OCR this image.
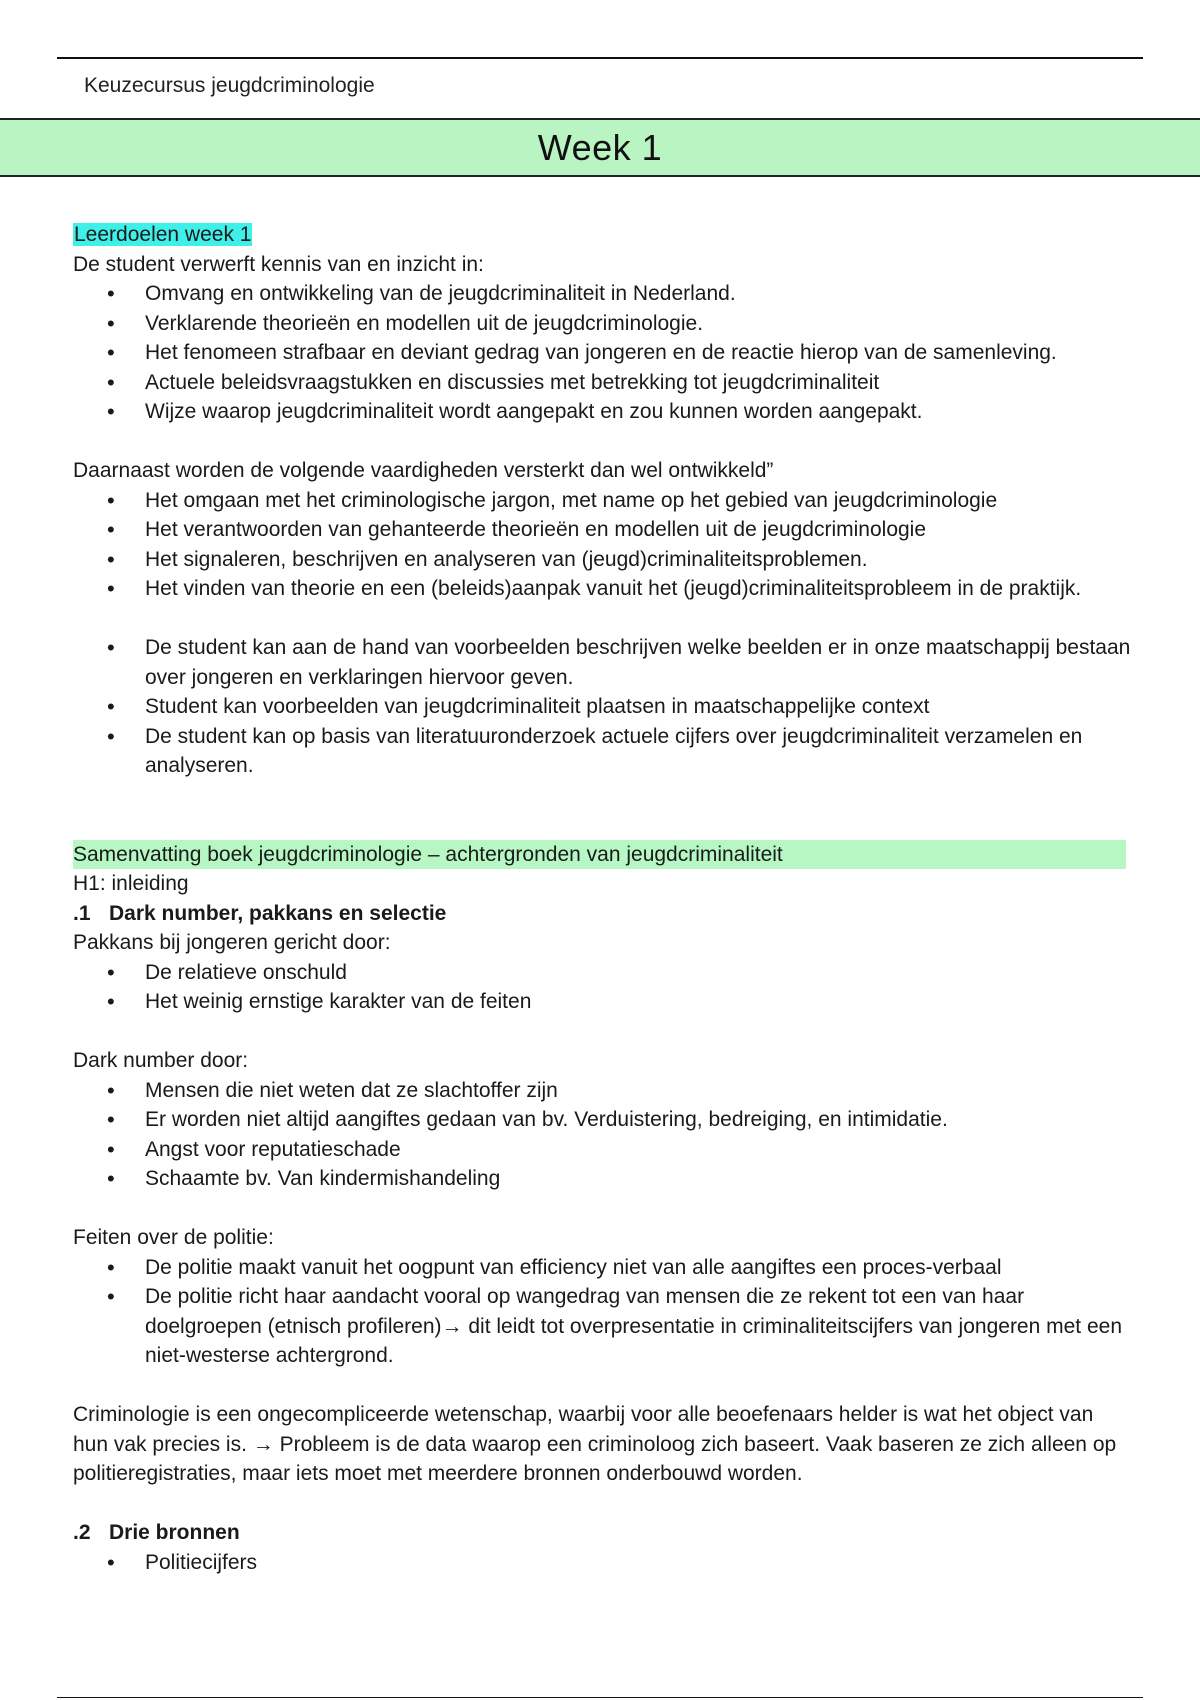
Keuzecursus jeugdcriminologie
Week 1

Leerdoelen week 1

De student verwerft kennis van en inzicht in:

• Omvang en ontwikkeling van de jeugdcriminaliteit in Nederland.
• Verklarende theorieën en modellen uit de jeugdcriminologie.
• Het fenomeen strafbaar en deviant gedrag van jongeren en de reactie hierop van de samenleving.
• Actuele beleidsvraagstukken en discussies met betrekking tot jeugdcriminaliteit
• Wijze waarop jeugdcriminaliteit wordt aangepakt en zou kunnen worden aangepakt.

Daarnaast worden de volgende vaardigheden versterkt dan wel ontwikkeld”

• Het omgaan met het criminologische jargon, met name op het gebied van jeugdcriminologie
• Het verantwoorden van gehanteerde theorieën en modellen uit de jeugdcriminologie
• Het signaleren, beschrijven en analyseren van (jeugd)criminaliteitsproblemen.
• Het vinden van theorie en een (beleids)aanpak vanuit het (jeugd)criminaliteitsprobleem in de praktijk.
• De student kan aan de hand van voorbeelden beschrijven welke beelden er in onze maatschappij bestaan over jongeren en verklaringen hiervoor geven.
• Student kan voorbeelden van jeugdcriminaliteit plaatsen in maatschappelijke context
• De student kan op basis van literatuuronderzoek actuele cijfers over jeugdcriminaliteit verzamelen en analyseren.

Samenvatting boek jeugdcriminologie – achtergronden van jeugdcriminaliteit

H1: inleiding

.1 Dark number, pakkans en selectie

Pakkans bij jongeren gericht door:

• De relatieve onschuld
• Het weinig ernstige karakter van de feiten

Dark number door:

• Mensen die niet weten dat ze slachtoffer zijn
• Er worden niet altijd aangiftes gedaan van bv. Verduistering, bedreiging, en intimidatie.
• Angst voor reputatieschade
• Schaamte bv. Van kindermishandeling

Feiten over de politie:

• De politie maakt vanuit het oogpunt van efficiency niet van alle aangiftes een proces-verbaal
• De politie richt haar aandacht vooral op wangedrag van mensen die ze rekent tot een van haar doelgroepen (etnisch profileren)→ dit leidt tot overpresentatie in criminaliteitscijfers van jongeren met een niet-westerse achtergrond.

Criminologie is een ongecompliceerde wetenschap, waarbij voor alle beoefenaars helder is wat het object van hun vak precies is. → Probleem is de data waarop een criminoloog zich baseert. Vaak baseren ze zich alleen op politieregistraties, maar iets moet met meerdere bronnen onderbouwd worden.

.2 Drie bronnen

• Politiecijfers
